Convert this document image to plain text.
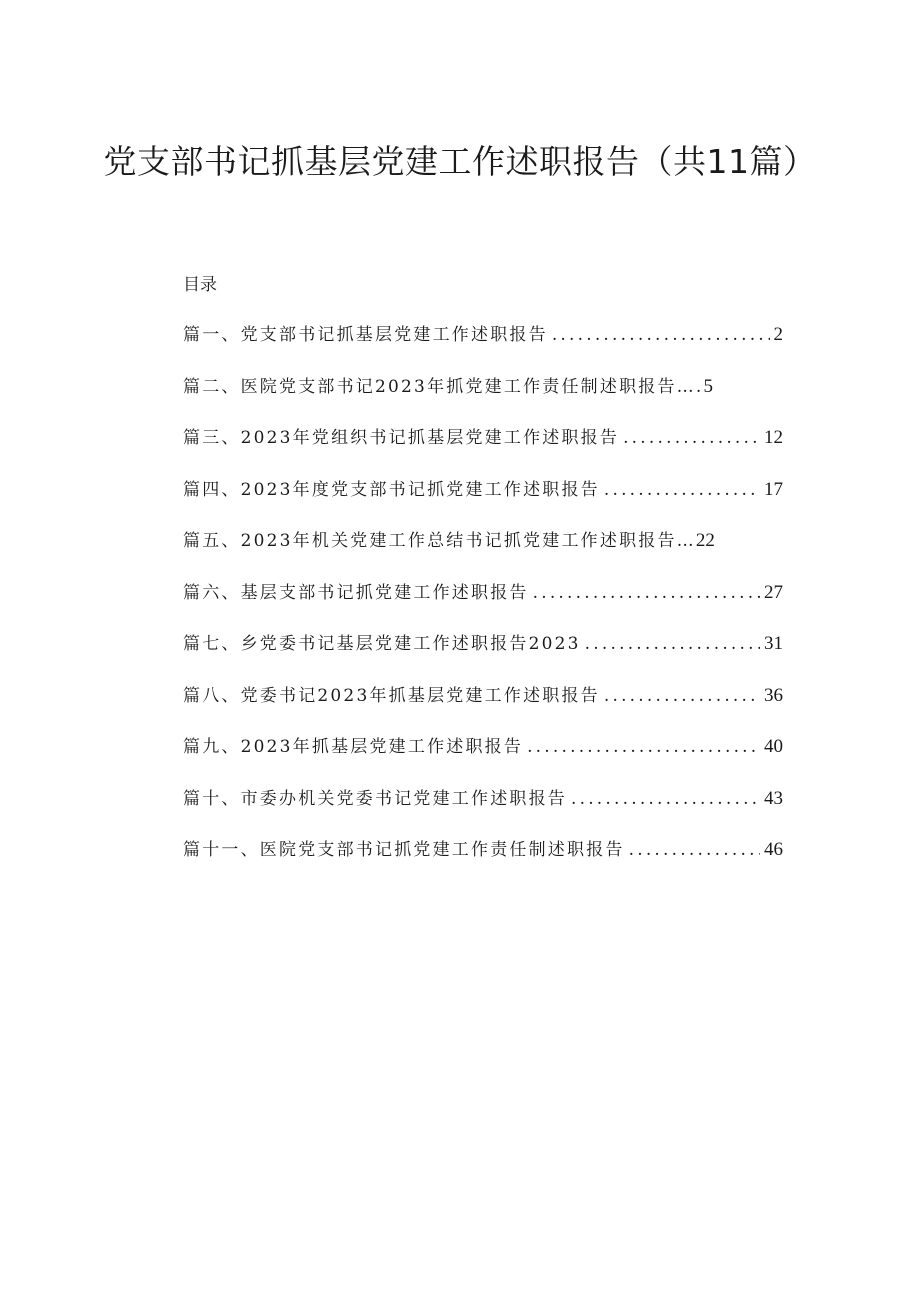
党支部书记抓基层党建工作述职报告（共11篇）
目录
篇一、党支部书记抓基层党建工作述职报告 .....	2
篇二、医院党支部书记2023年抓党建工作责任制述职报告…. 5
篇三、2023年党组织书记抓基层党建工作述职报告 .....	12
篇四、2023年度党支部书记抓党建工作述职报告 .....	17
篇五、2023年机关党建工作总结书记抓党建工作述职报告… 22
篇六、基层支部书记抓党建工作述职报告 .....	27
篇七、乡党委书记基层党建工作述职报告2023 .....	31
篇八、党委书记2023年抓基层党建工作述职报告 .....	36
篇九、2023年抓基层党建工作述职报告 .....	40
篇十、市委办机关党委书记党建工作述职报告 .....	43
篇十一、医院党支部书记抓党建工作责任制述职报告 .....	46
